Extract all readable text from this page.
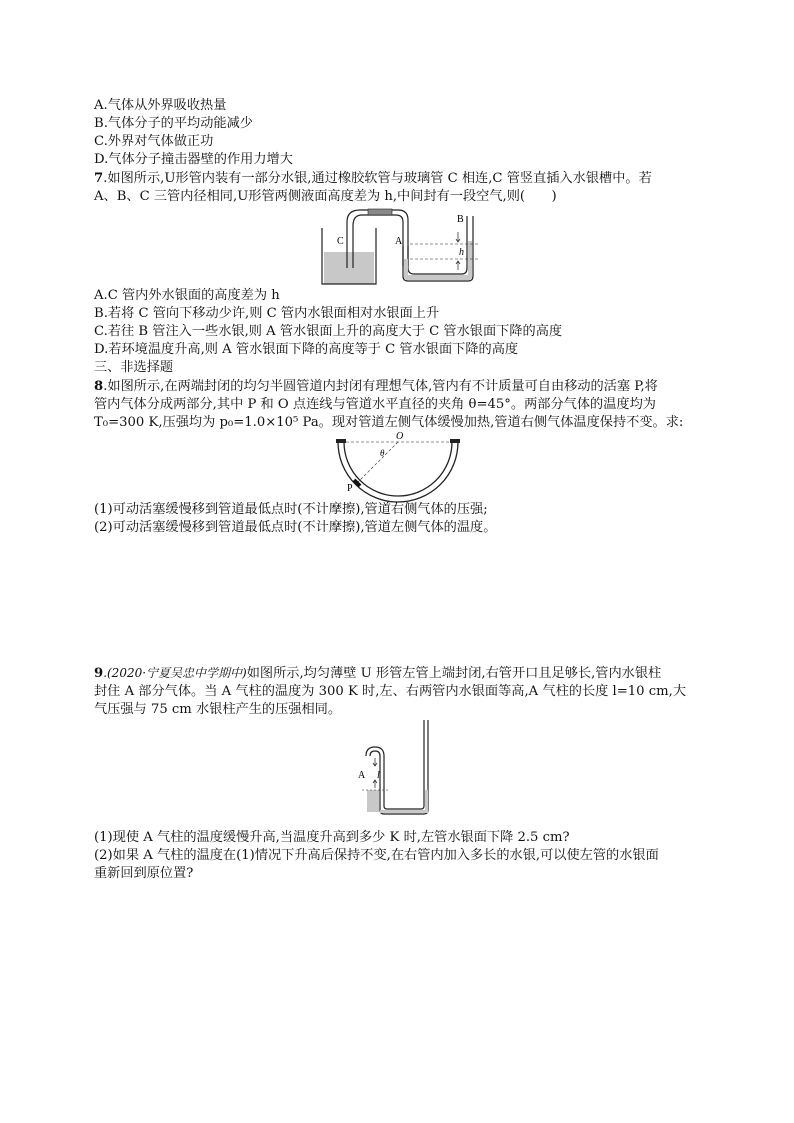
A.气体从外界吸收热量
B.气体分子的平均动能减少
C.外界对气体做正功
D.气体分子撞击器壁的作用力增大
7.如图所示,U形管内装有一部分水银,通过橡胶软管与玻璃管 C 相连,C 管竖直插入水银槽中。若
A、B、C 三管内径相同,U形管两侧液面高度差为 h,中间封有一段空气,则(　　)
C	A
B
h
A.C 管内外水银面的高度差为 h
B.若将 C 管向下移动少许,则 C 管内水银面相对水银面上升
C.若往 B 管注入一些水银,则 A 管水银面上升的高度大于 C 管水银面下降的高度
D.若环境温度升高,则 A 管水银面下降的高度等于 C 管水银面下降的高度
三、非选择题
8.如图所示,在两端封闭的均匀半圆管道内封闭有理想气体,管内有不计质量可自由移动的活塞 P,将
管内气体分成两部分,其中 P 和 O 点连线与管道水平直径的夹角 θ=45°。两部分气体的温度均为
T₀=300 K,压强均为 p₀=1.0×10⁵ Pa。现对管道左侧气体缓慢加热,管道右侧气体温度保持不变。求:
O
θ
P
(1)可动活塞缓慢移到管道最低点时(不计摩擦),管道右侧气体的压强;
(2)可动活塞缓慢移到管道最低点时(不计摩擦),管道左侧气体的温度。
9.(2020·宁夏吴忠中学期中)如图所示,均匀薄壁 U 形管左管上端封闭,右管开口且足够长,管内水银柱
封住 A 部分气体。当 A 气柱的温度为 300 K 时,左、右两管内水银面等高,A 气柱的长度 l=10 cm,大
气压强与 75 cm 水银柱产生的压强相同。
A l
(1)现使 A 气柱的温度缓慢升高,当温度升高到多少 K 时,左管水银面下降 2.5 cm?
(2)如果 A 气柱的温度在(1)情况下升高后保持不变,在右管内加入多长的水银,可以使左管的水银面
重新回到原位置?
